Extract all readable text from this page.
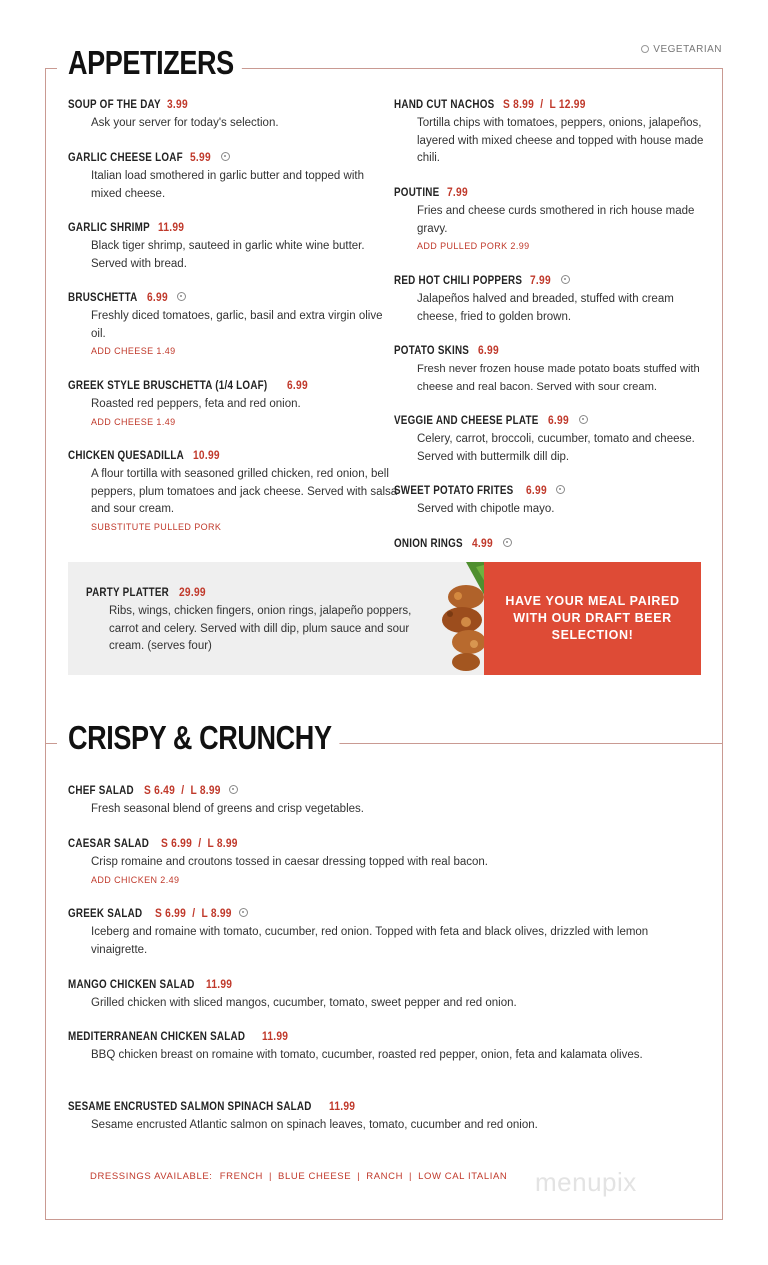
VEGETARIAN
APPETIZERS
SOUP OF THE DAY 3.99
Ask your server for today's selection.
GARLIC CHEESE LOAF 5.99
Italian load smothered in garlic butter and topped with mixed cheese.
GARLIC SHRIMP 11.99
Black tiger shrimp, sauteed in garlic white wine butter. Served with bread.
BRUSCHETTA 6.99
Freshly diced tomatoes, garlic, basil and extra virgin olive oil.
ADD CHEESE 1.49
GREEK STYLE BRUSCHETTA (1/4 LOAF) 6.99
Roasted red peppers, feta and red onion.
ADD CHEESE 1.49
CHICKEN QUESADILLA 10.99
A flour tortilla with seasoned grilled chicken, red onion, bell peppers, plum tomatoes and jack cheese. Served with salsa and sour cream.
SUBSTITUTE PULLED PORK
HAND CUT NACHOS S 8.99  /  L 12.99
Tortilla chips with tomatoes, peppers, onions, jalapeños, layered with mixed cheese and topped with house made chili.
POUTINE 7.99
Fries and cheese curds smothered in rich house made gravy.
ADD PULLED PORK 2.99
RED HOT CHILI POPPERS 7.99
Jalapeños halved and breaded, stuffed with cream cheese, fried to golden brown.
POTATO SKINS 6.99
Fresh never frozen house made potato boats stuffed with cheese and real bacon. Served with sour cream.
VEGGIE AND CHEESE PLATE 6.99
Celery, carrot, broccoli, cucumber, tomato and cheese. Served with buttermilk dill dip.
SWEET POTATO FRITES 6.99
Served with chipotle mayo.
ONION RINGS 4.99
PARTY PLATTER 29.99
Ribs, wings, chicken fingers, onion rings, jalapeño poppers, carrot and celery. Served with dill dip, plum sauce and sour cream. (serves four)
HAVE YOUR MEAL PAIRED WITH OUR DRAFT BEER SELECTION!
CRISPY & CRUNCHY
CHEF SALAD S 6.49  /  L 8.99
Fresh seasonal blend of greens and crisp vegetables.
CAESAR SALAD S 6.99  /  L 8.99
Crisp romaine and croutons tossed in caesar dressing topped with real bacon.
ADD CHICKEN 2.49
GREEK SALAD S 6.99  /  L 8.99
Iceberg and romaine with tomato, cucumber, red onion. Topped with feta and black olives, drizzled with lemon vinaigrette.
MANGO CHICKEN SALAD 11.99
Grilled chicken with sliced mangos, cucumber, tomato, sweet pepper and red onion.
MEDITERRANEAN CHICKEN SALAD 11.99
BBQ chicken breast on romaine with tomato, cucumber, roasted red pepper, onion, feta and kalamata olives.
SESAME ENCRUSTED SALMON SPINACH SALAD 11.99
Sesame encrusted Atlantic salmon on spinach leaves, tomato, cucumber and red onion.
DRESSINGS AVAILABLE: FRENCH | BLUE CHEESE | RANCH | LOW CAL ITALIAN menupix
